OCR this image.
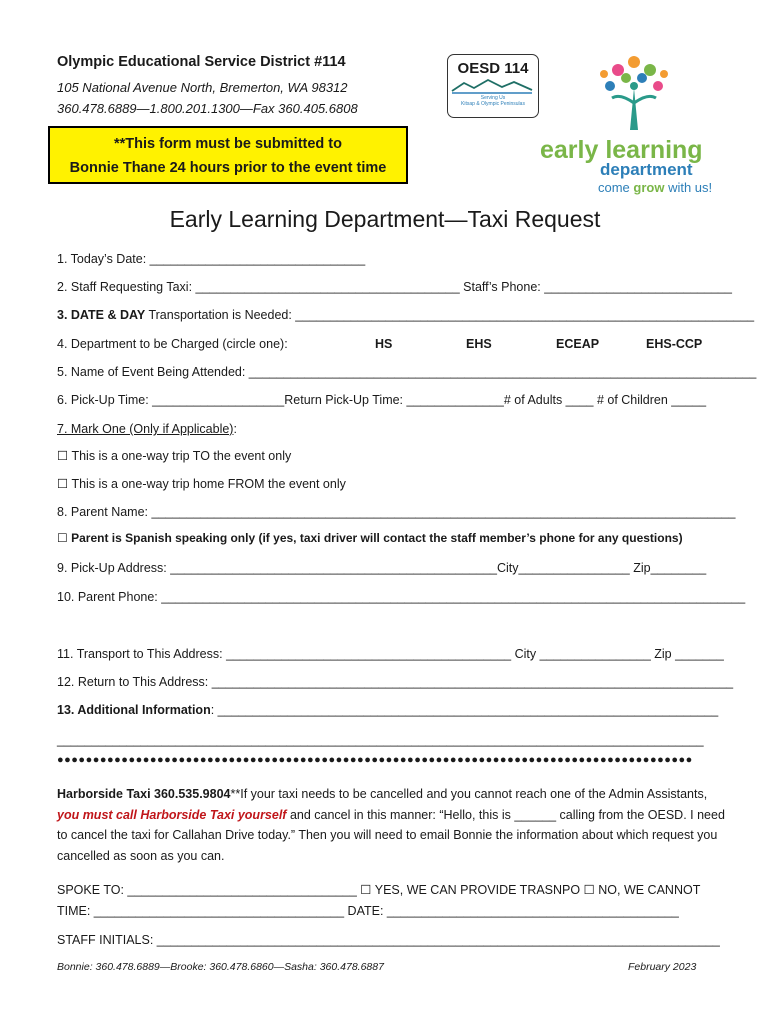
Olympic Educational Service District #114
105 National Avenue North, Bremerton, WA 98312
360.478.6889—1.800.201.1300—Fax 360.405.6808
**This form must be submitted to
Bonnie Thane 24 hours prior to the event time
OESD 114
Serving Us
Kitsap & Olympic Peninsulas
early learning
department
come grow with us!
Early Learning Department—Taxi Request
1. Today’s Date: _______________________________
2. Staff Requesting Taxi: ______________________________________ Staff’s Phone: ___________________________
3. DATE & DAY Transportation is Needed: __________________________________________________________________
4. Department to be Charged (circle one):	HS	EHS	ECEAP	EHS-CCP
5. Name of Event Being Attended: _________________________________________________________________________
6. Pick-Up Time: ___________________Return Pick-Up Time: ______________# of Adults ____ # of Children _____
7. Mark One (Only if Applicable):
☐ This is a one-way trip TO the event only
☐ This is a one-way trip home FROM the event only
8. Parent Name: ____________________________________________________________________________________
☐ Parent is Spanish speaking only (if yes, taxi driver will contact the staff member’s phone for any questions)
9. Pick-Up Address: _______________________________________________City________________ Zip________
10. Parent Phone: ____________________________________________________________________________________
11. Transport to This Address: _________________________________________ City ________________ Zip _______
12. Return to This Address: ___________________________________________________________________________
13. Additional Information: ________________________________________________________________________
_____________________________________________________________________________________________
●●●●●●●●●●●●●●●●●●●●●●●●●●●●●●●●●●●●●●●●●●●●●●●●●●●●●●●●●●●●●●●●●●●●●●●●●●●●●●●●●●●●●●●●●
Harborside Taxi 360.535.9804**If your taxi needs to be cancelled and you cannot reach one of the Admin Assistants, you must call Harborside Taxi yourself and cancel in this manner: “Hello, this is ______ calling from the OESD. I need to cancel the taxi for Callahan Drive today.” Then you will need to email Bonnie the information about which request you cancelled as soon as you can.
SPOKE TO: _________________________________ ☐ YES, WE CAN PROVIDE TRASNPO ☐ NO, WE CANNOT
TIME: ____________________________________ DATE: __________________________________________
STAFF INITIALS: _________________________________________________________________________________
Bonnie: 360.478.6889—Brooke: 360.478.6860—Sasha: 360.478.6887	February 2023
